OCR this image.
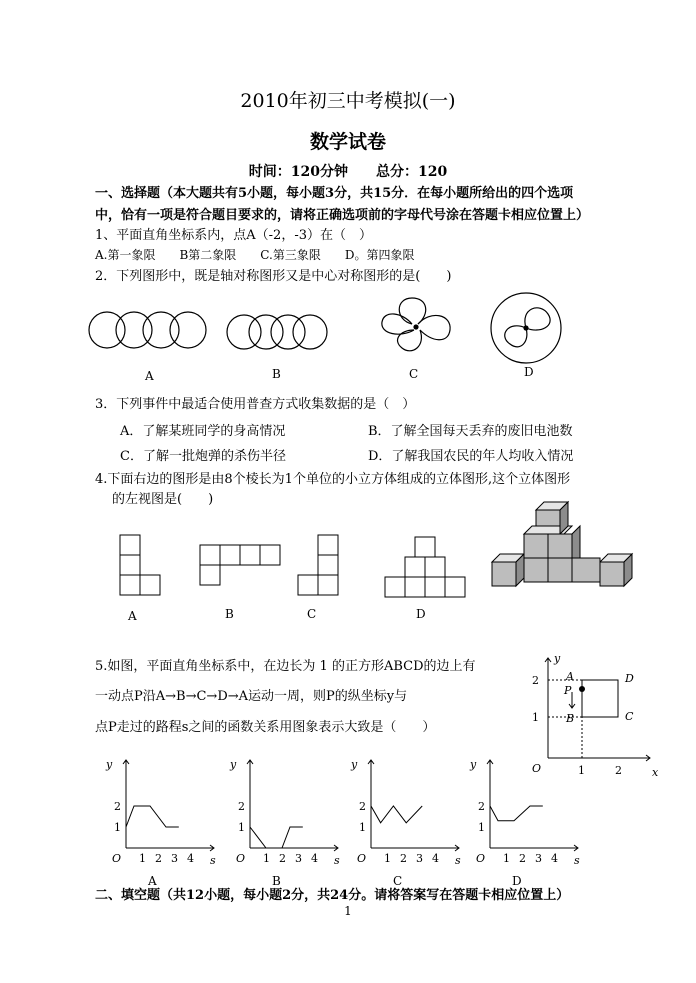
2010年初三中考模拟(一)
数学试卷
时间：120分钟　　总分：120
一、选择题（本大题共有5小题，每小题3分，共15分．在每小题所给出的四个选项
中，恰有一项是符合题目要求的，请将正确选项前的字母代号涂在答题卡相应位置上）
1、平面直角坐标系内，点A（-2，-3）在（　）
A.第一象限　　B第二象限　　C.第三象限　　D。第四象限
2．下列图形中，既是轴对称图形又是中心对称图形的是(　　)
A	B	C	D
3．下列事件中最适合使用普查方式收集数据的是（　）
A．了解某班同学的身高情况	B．了解全国每天丢弃的废旧电池数
C．了解一批炮弹的杀伤半径	D．了解我国农民的年人均收入情况
4.下面右边的图形是由8个棱长为1个单位的小立方体组成的立体图形,这个立体图形
的左视图是(　　)
A	B	C	D
5.如图，平面直角坐标系中，在边长为 1 的正方形ABCD的边上有
一动点P沿A→B→C→D→A运动一周，则P的纵坐标y与
点P走过的路程s之间的函数关系用图象表示大致是（　　）
x
y
O	1	2
1
2 A
P
B	C
D
1 2 3 4
1
2
O
y
s
A
1 2 3 4
1
2
O
y
s
B
1 2 3 4
1
2
O
y
s
C
1 2 3 4
1
2
O
y
s
D
二、填空题（共12小题，每小题2分，共24分。请将答案写在答题卡相应位置上）
1
